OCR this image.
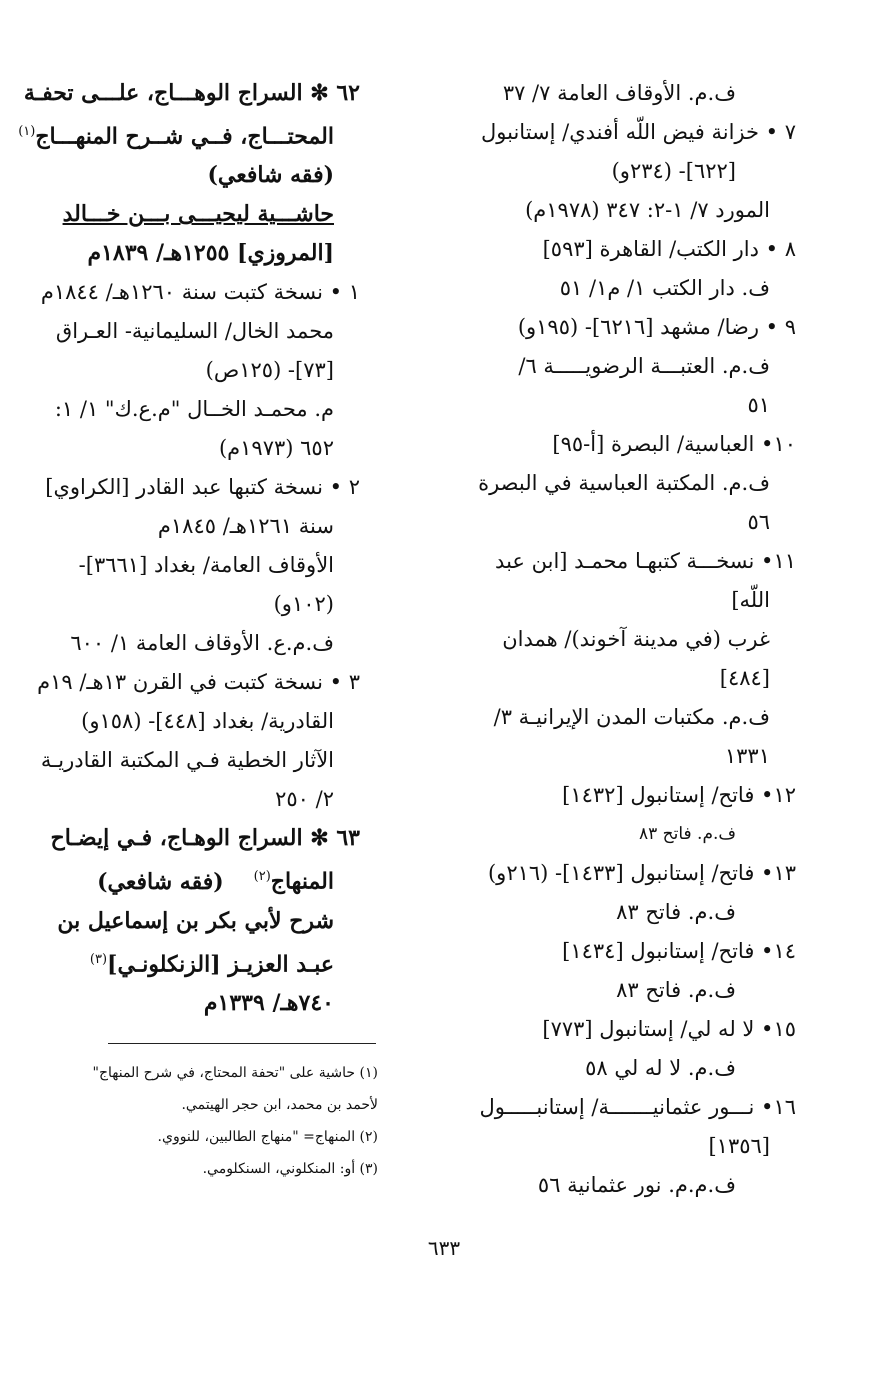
ف.م. الأوقاف العامة ٧/ ٣٧
٧ • خزانة فيض اللّه أفندي/ إستانبول
[٦٢٢]- (٢٣٤و)
المورد ٧/ ١-٢: ٣٤٧ (١٩٧٨م)
٨ • دار الكتب/ القاهرة [٥٩٣]
ف. دار الكتب ١/ م١/ ٥١
٩ • رضا/ مشهد [٦٢١٦]- (١٩٥و)
ف.م. العتبـــة الرضويـــــة ٦/
٥١
١٠• العباسية/ البصرة [أ-٩٥]
ف.م. المكتبة العباسية في البصرة
٥٦
١١• نسخـــة كتبهـا محمـد [ابن عبد
اللّه]
غرب (في مدينة آخوند)/ همدان
[٤٨٤]
ف.م. مكتبات المدن الإيرانيـة ٣/
١٣٣١
١٢• فاتح/ إستانبول [١٤٣٢]
ف.م. فاتح ٨٣
١٣• فاتح/ إستانبول [١٤٣٣]- (٢١٦و)
ف.م. فاتح ٨٣
١٤• فاتح/ إستانبول [١٤٣٤]
ف.م. فاتح ٨٣
١٥• لا له لي/ إستانبول [٧٧٣]
ف.م. لا له لي ٥٨
١٦• نـــور عثمانيـــــــة/ إستانبـــــول
[١٣٥٦]
ف.م.م. نور عثمانية ٥٦
٦٢ ✻ السراج الوهـــاج، علـــى تحفـة
المحتـــاج، فــي شــرح المنهـــاج$^{(١)}$
(فقه شافعي)
حاشـــية ليحيـــى بـــن خـــالد
[المروزي] ١٢٥٥هـ/ ١٨٣٩م
١ • نسخة كتبت سنة ١٢٦٠هـ/ ١٨٤٤م
محمد الخال/ السليمانية- العـراق
[٧٣]- (١٢٥ص)
م. محمـد الخــال "م.ع.ك" ١/ ١:
٦٥٢ (١٩٧٣م)
٢ • نسخة كتبها عبد القادر [الكراوي]
سنة ١٢٦١هـ/ ١٨٤٥م
الأوقاف العامة/ بغداد [٣٦٦١]-
(١٠٢و)
ف.م.ع. الأوقاف العامة ١/ ٦٠٠
٣ • نسخة كتبت في القرن ١٣هـ/ ١٩م
القادرية/ بغداد [٤٤٨]- (١٥٨و)
الآثار الخطية فـي المكتبة القادريـة
٢/ ٢٥٠
٦٣ ✻ السراج الوهـاج، فـي إيضـاح
المنهاج$^{(٢)}$(فقه شافعي)
شرح لأبي بكر بن إسماعيل بن
عبـد العزيـز [الزنكلونـي]$^{(٣)}$
٧٤٠هـ/ ١٣٣٩م
(١) حاشية على "تحفة المحتاج، في شرح المنهاج"
لأحمد بن محمد، ابن حجر الهيتمي.
(٢) المنهاج= "منهاج الطالبين، للنووي.
(٣) أو: المنكلوني، السنكلومي.
٦٣٣
